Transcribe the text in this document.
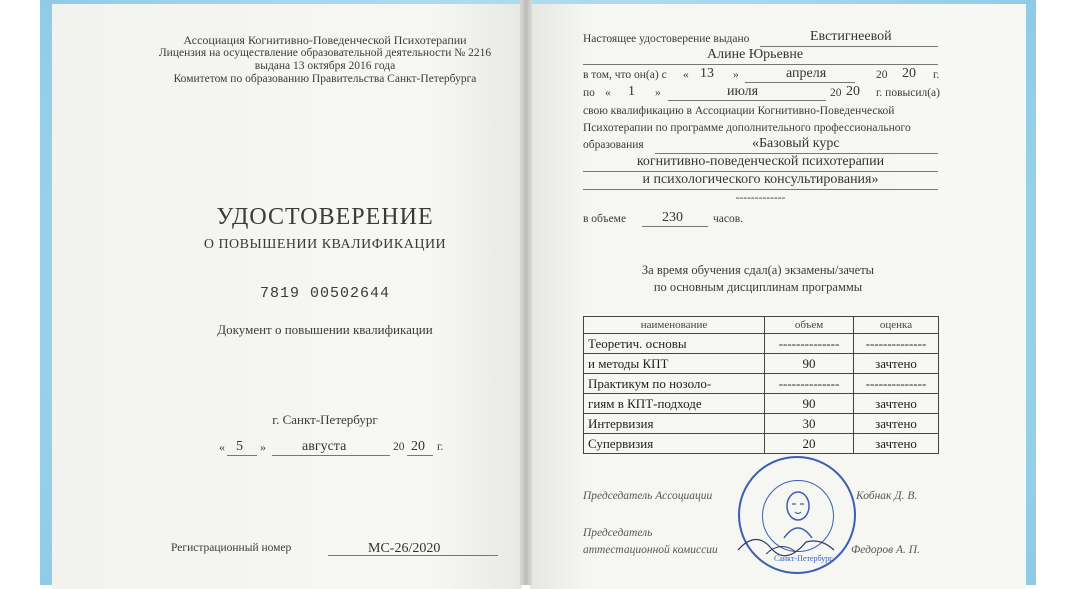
Ассоциация Когнитивно-Поведенческой Психотерапии
Лицензия на осуществление образовательной деятельности № 2216
выдана 13 октября 2016 года
Комитетом по образованию Правительства Санкт-Петербурга
УДОСТОВЕРЕНИЕ
О ПОВЫШЕНИИ КВАЛИФИКАЦИИ
7819 00502644
Документ о повышении квалификации
г. Санкт-Петербург
« 5 »	августа	20 20 г.
Регистрационный номер	МС-26/2020
Настоящее удостоверение выдано	Евстигнеевой
Алине Юрьевне
в том, что он(а) с « 13 »	апреля	20 20 г.
по « 1 »	июля	20 20 г. повысил(а)
свою квалификацию в Ассоциации Когнитивно-Поведенческой
Психотерапии по программе дополнительного профессионального
образования	«Базовый курс
когнитивно-поведенческой психотерапии
и психологического консультирования»
-------------
в объеме	230	часов.
За время обучения сдал(а) экзамены/зачеты
по основным дисциплинам программы
наименование	объем	оценка
Теоретич. основы	--------------	--------------
и методы КПТ	90	зачтено
Практикум по нозоло-	--------------	--------------
гиям в КПТ-подходе	90	зачтено
Интервизия	30	зачтено
Супервизия	20	зачтено
Председатель Ассоциации	Кобнак Д. В.
Председатель
аттестационной комиссии	Федоров А. П.
Санкт-Петербург
